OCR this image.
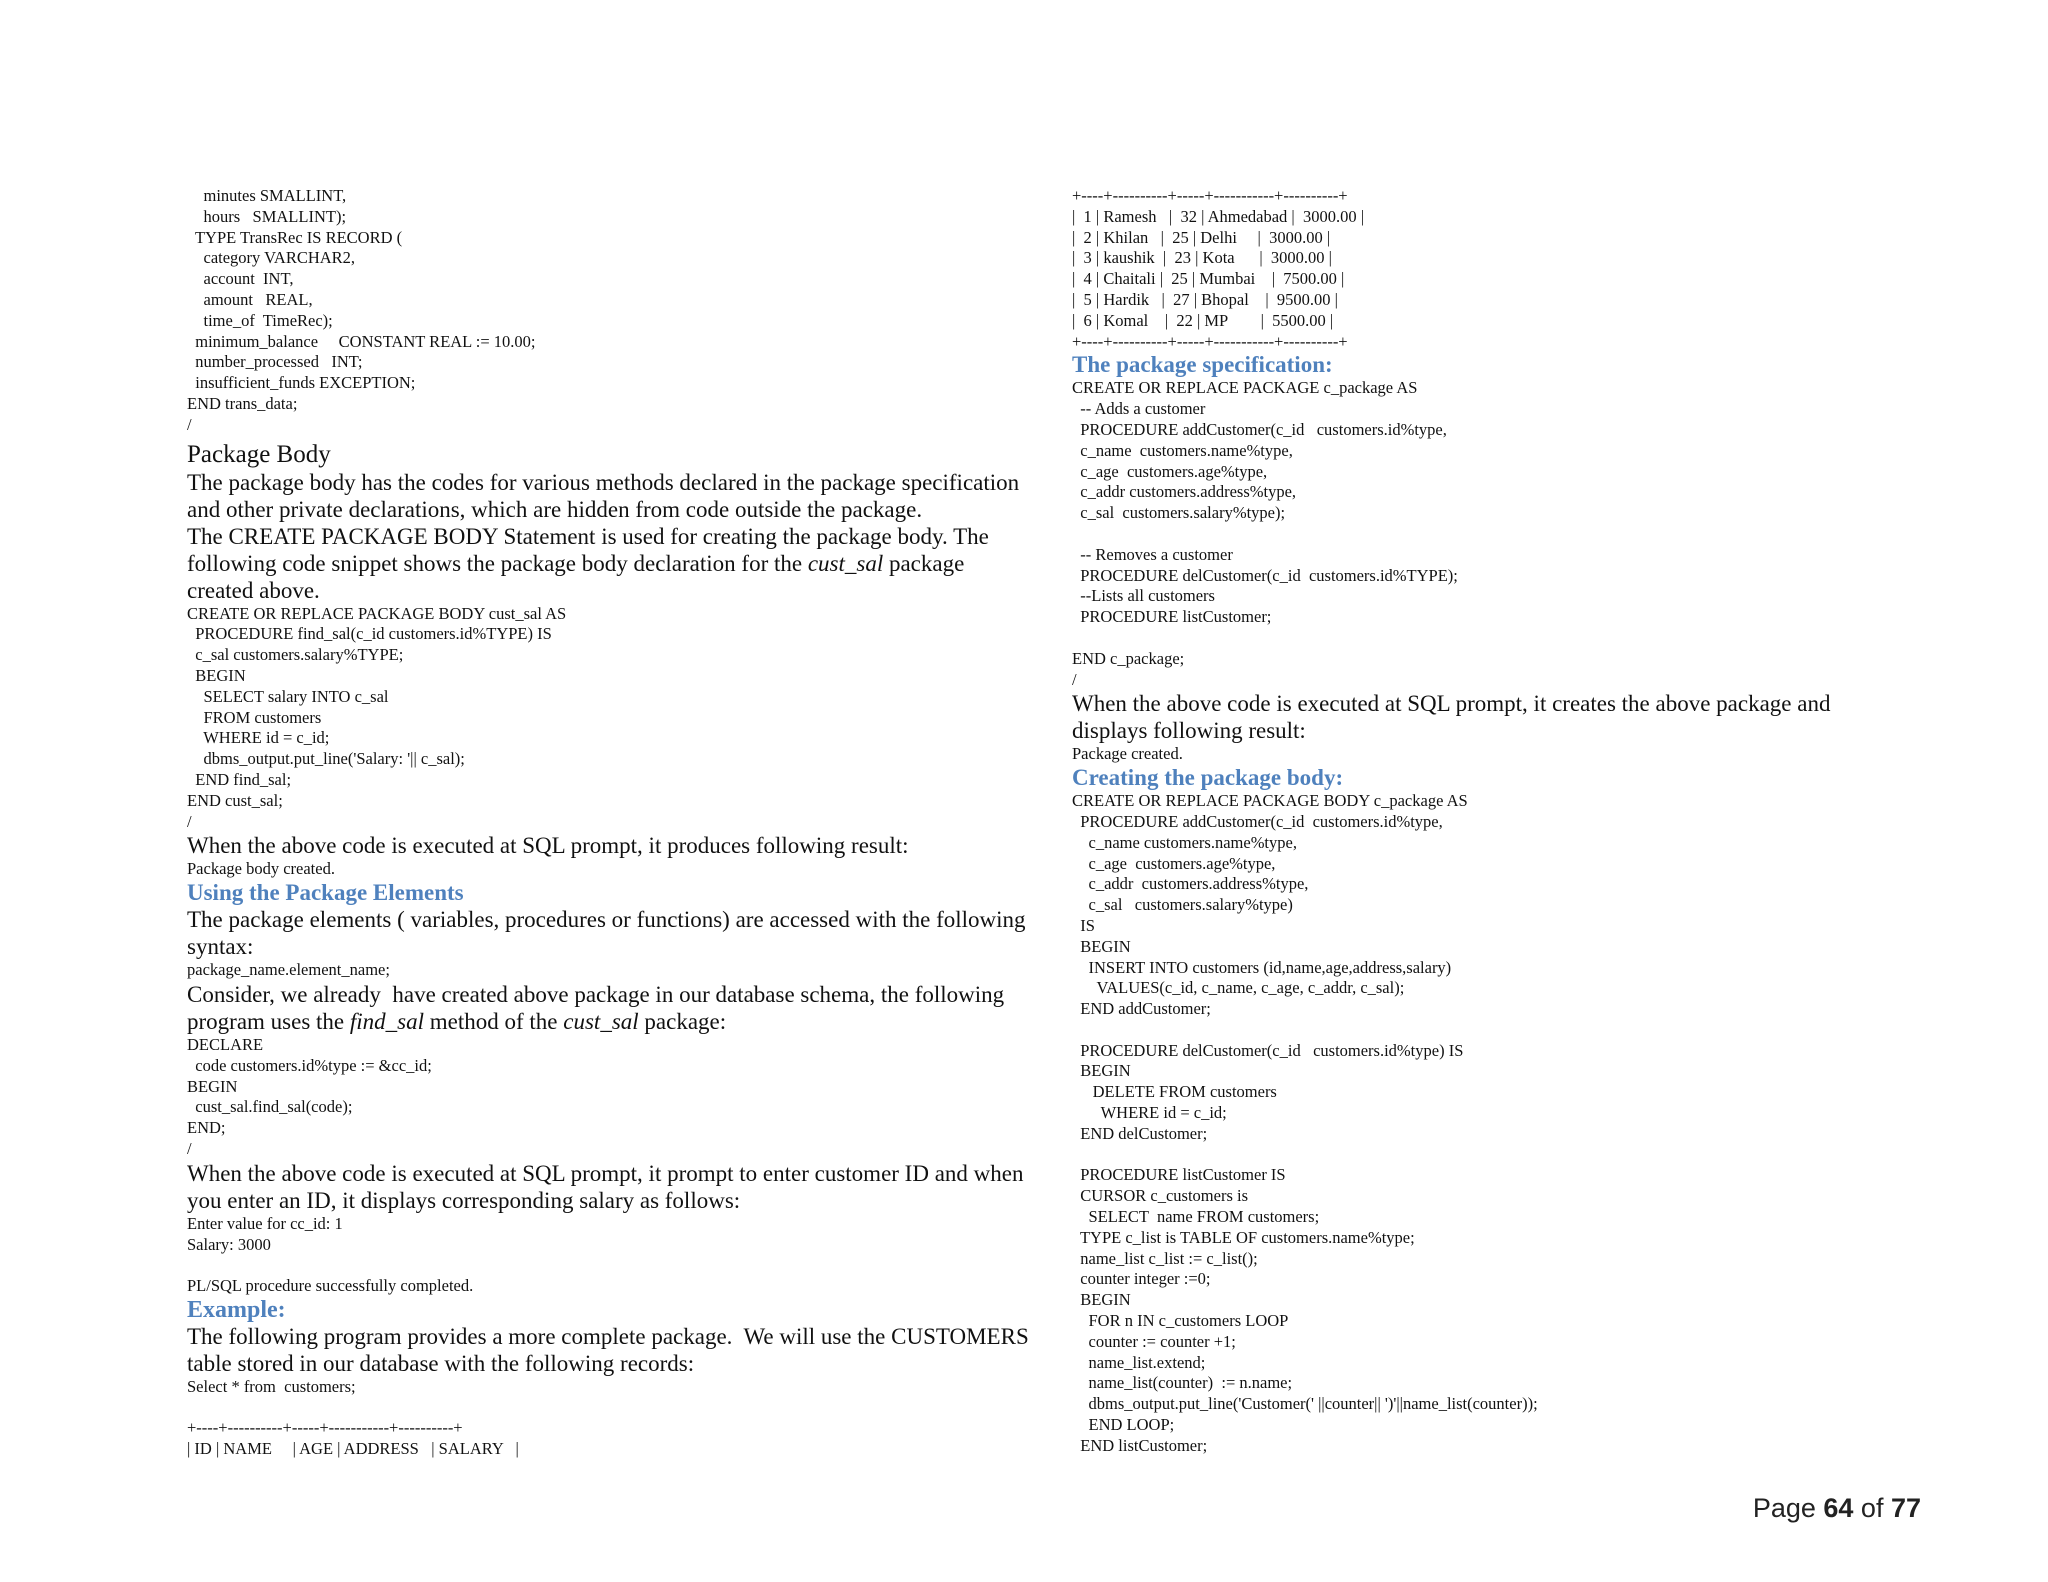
minutes SMALLINT,
hours   SMALLINT);
TYPE TransRec IS RECORD (
category VARCHAR2,
account  INT,
amount   REAL,
time_of  TimeRec);
minimum_balance     CONSTANT REAL := 10.00;
number_processed   INT;
insufficient_funds EXCEPTION;
END trans_data;
/
Package Body
The package body has the codes for various methods declared in the package specification
and other private declarations, which are hidden from code outside the package.
The CREATE PACKAGE BODY Statement is used for creating the package body. The
following code snippet shows the package body declaration for the cust_sal package
created above.
CREATE OR REPLACE PACKAGE BODY cust_sal AS
PROCEDURE find_sal(c_id customers.id%TYPE) IS
c_sal customers.salary%TYPE;
BEGIN
SELECT salary INTO c_sal
FROM customers
WHERE id = c_id;
dbms_output.put_line('Salary: '|| c_sal);
END find_sal;
END cust_sal;
/
When the above code is executed at SQL prompt, it produces following result:
Package body created.
Using the Package Elements
The package elements ( variables, procedures or functions) are accessed with the following
syntax:
package_name.element_name;
Consider, we already  have created above package in our database schema, the following
program uses the find_sal method of the cust_sal package:
DECLARE
code customers.id%type := &cc_id;
BEGIN
cust_sal.find_sal(code);
END;
/
When the above code is executed at SQL prompt, it prompt to enter customer ID and when
you enter an ID, it displays corresponding salary as follows:
Enter value for cc_id: 1
Salary: 3000
PL/SQL procedure successfully completed.
Example:
The following program provides a more complete package.  We will use the CUSTOMERS
table stored in our database with the following records:
Select * from  customers;
+----+----------+-----+-----------+----------+
| ID | NAME     | AGE | ADDRESS   | SALARY   |
+----+----------+-----+-----------+----------+
|  1 | Ramesh   |  32 | Ahmedabad |  3000.00 |
|  2 | Khilan   |  25 | Delhi     |  3000.00 |
|  3 | kaushik  |  23 | Kota      |  3000.00 |
|  4 | Chaitali |  25 | Mumbai    |  7500.00 |
|  5 | Hardik   |  27 | Bhopal    |  9500.00 |
|  6 | Komal    |  22 | MP        |  5500.00 |
+----+----------+-----+-----------+----------+
The package specification:
CREATE OR REPLACE PACKAGE c_package AS
-- Adds a customer
PROCEDURE addCustomer(c_id   customers.id%type,
c_name  customers.name%type,
c_age  customers.age%type,
c_addr customers.address%type,
c_sal  customers.salary%type);
-- Removes a customer
PROCEDURE delCustomer(c_id  customers.id%TYPE);
--Lists all customers
PROCEDURE listCustomer;
END c_package;
/
When the above code is executed at SQL prompt, it creates the above package and
displays following result:
Package created.
Creating the package body:
CREATE OR REPLACE PACKAGE BODY c_package AS
PROCEDURE addCustomer(c_id  customers.id%type,
c_name customers.name%type,
c_age  customers.age%type,
c_addr  customers.address%type,
c_sal   customers.salary%type)
IS
BEGIN
INSERT INTO customers (id,name,age,address,salary)
VALUES(c_id, c_name, c_age, c_addr, c_sal);
END addCustomer;
PROCEDURE delCustomer(c_id   customers.id%type) IS
BEGIN
DELETE FROM customers
WHERE id = c_id;
END delCustomer;
PROCEDURE listCustomer IS
CURSOR c_customers is
SELECT  name FROM customers;
TYPE c_list is TABLE OF customers.name%type;
name_list c_list := c_list();
counter integer :=0;
BEGIN
FOR n IN c_customers LOOP
counter := counter +1;
name_list.extend;
name_list(counter)  := n.name;
dbms_output.put_line('Customer(' ||counter|| ')'||name_list(counter));
END LOOP;
END listCustomer;
Page 64 of 77
